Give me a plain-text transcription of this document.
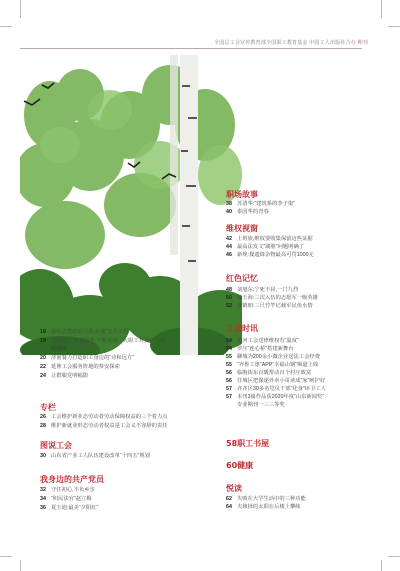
全国总工会宣传教育部全国职工教育基金 中国工人出版社合办 期刊
职场故事
38 苏清华:“建筑系的李子柒”
40 泰国华的青春
维权视窗
42 上班族,维权要收集保留这些证据
44 最高法发文“刷脸”问题明确了
46 新规:餐遗降杂物最高可罚1000元
红色记忆
48 刘旭东:宁死不屈,一门九烈
50 曹玉海:三次入伍的志愿军一级英雄
52 康鹤朋:三尺竹竿记载军民鱼水情
工会时讯
54 黑河工会送律维权有“温度”
54 罗庄“连心桥”搭建新舞台
55 聊城为200余小微企业送法工会经费
55 “齐鲁工惠”APP“幸福山钢”频道上线
56 临朐街东百暖帮动百个村庄致富
56 任城区把保递外卖小哥读成“家”呵护好
57 齐齐区30多名党员干部“化身”环卫工人
57 本刊3篇作品获2020年度“山东新闻奖”
专业期刊一三三等奖
58职工书屋
60健康
悦读
62 失败在大学生活中的三种功能
64 夫姨择的太阳在后楼上攀续
18 强化思想政治引领,实施“五大工程”
19 走城履职,精诚服务,不断实现广大职工对美好生活
的向往
20 济南餐力打造职工身边的“诗和远方”
22 延伸工会服务阵地的参安探索
24 让群服党明幅限
专栏
26 工会维护新业态劳动者劳动保障权益的三个着力点
28 维护新就业形态劳动者权益是工会义不容辞的责任
图说工会
30 山东省产业工人队伍建设改革“十四五”规划
我身边的共产党员
32 守住初心,不负乡亲
34 “积民法官”赵立梅
36 夏玉迪:最美“夕阳红”
